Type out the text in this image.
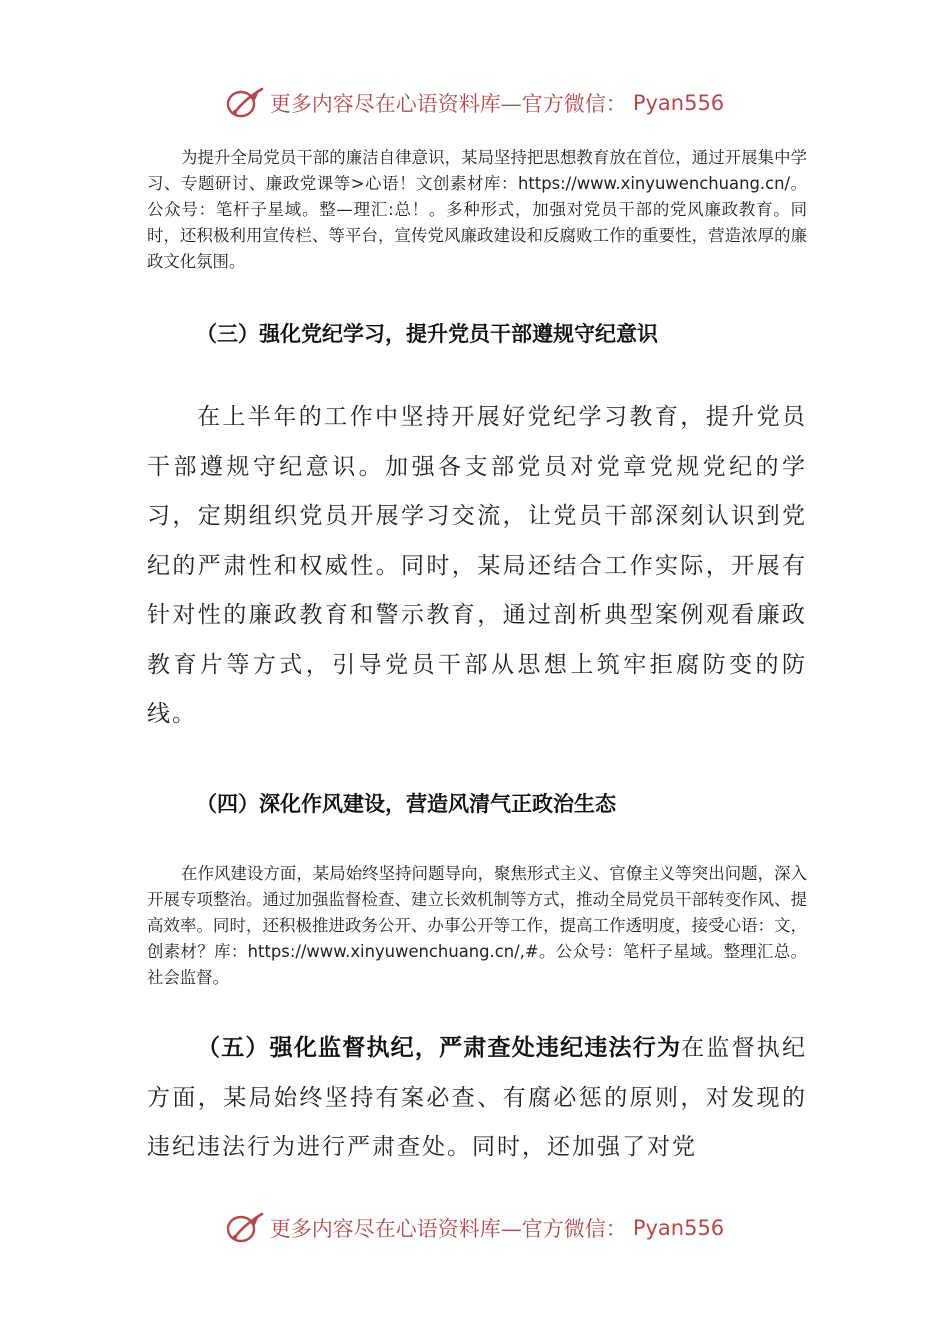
更多内容尽在心语资料库—官方微信： Pyan556
为提升全局党员干部的廉洁自律意识，某局坚持把思想教育放在首位，通过开展集中学习、专题研讨、廉政党课等>心语！文创素材库：https://www.xinyuwenchuang.cn/。公众号：笔杆子星域。整—理汇:总！。多种形式，加强对党员干部的党风廉政教育。同时，还积极利用宣传栏、等平台，宣传党风廉政建设和反腐败工作的重要性，营造浓厚的廉政文化氛围。
（三）强化党纪学习，提升党员干部遵规守纪意识
在上半年的工作中坚持开展好党纪学习教育，提升党员干部遵规守纪意识。加强各支部党员对党章党规党纪的学习，定期组织党员开展学习交流，让党员干部深刻认识到党纪的严肃性和权威性。同时，某局还结合工作实际，开展有针对性的廉政教育和警示教育，通过剖析典型案例观看廉政教育片等方式，引导党员干部从思想上筑牢拒腐防变的防线。
（四）深化作风建设，营造风清气正政治生态
在作风建设方面，某局始终坚持问题导向，聚焦形式主义、官僚主义等突出问题，深入开展专项整治。通过加强监督检查、建立长效机制等方式，推动全局党员干部转变作风、提高效率。同时，还积极推进政务公开、办事公开等工作，提高工作透明度，接受心语：文，创素材？库：https://www.xinyuwenchuang.cn/,#。公众号：笔杆子星域。整理汇总。社会监督。
（五）强化监督执纪，严肃查处违纪违法行为在监督执纪方面，某局始终坚持有案必查、有腐必惩的原则，对发现的违纪违法行为进行严肃查处。同时，还加强了对党
更多内容尽在心语资料库—官方微信： Pyan556
